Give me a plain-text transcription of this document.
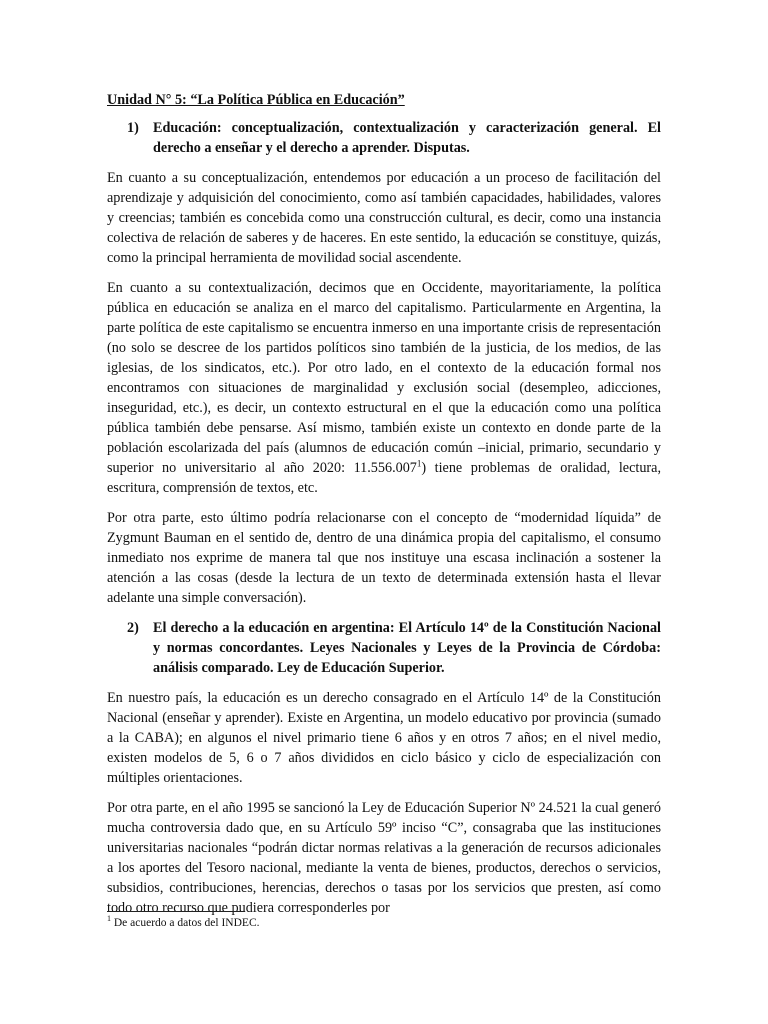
Unidad N° 5: “La Política Pública en Educación”
1) Educación: conceptualización, contextualización y caracterización general. El derecho a enseñar y el derecho a aprender. Disputas.

En cuanto a su conceptualización, entendemos por educación a un proceso de facilitación del aprendizaje y adquisición del conocimiento, como así también capacidades, habilidades, valores y creencias; también es concebida como una construcción cultural, es decir, como una instancia colectiva de relación de saberes y de haceres. En este sentido, la educación se constituye, quizás, como la principal herramienta de movilidad social ascendente.

En cuanto a su contextualización, decimos que en Occidente, mayoritariamente, la política pública en educación se analiza en el marco del capitalismo. Particularmente en Argentina, la parte política de este capitalismo se encuentra inmerso en una importante crisis de representación (no solo se descree de los partidos políticos sino también de la justicia, de los medios, de las iglesias, de los sindicatos, etc.). Por otro lado, en el contexto de la educación formal nos encontramos con situaciones de marginalidad y exclusión social (desempleo, adicciones, inseguridad, etc.), es decir, un contexto estructural en el que la educación como una política pública también debe pensarse. Así mismo, también existe un contexto en donde parte de la población escolarizada del país (alumnos de educación común –inicial, primario, secundario y superior no universitario al año 2020: 11.556.007$^1$) tiene problemas de oralidad, lectura, escritura, comprensión de textos, etc.

Por otra parte, esto último podría relacionarse con el concepto de “modernidad líquida” de Zygmunt Bauman en el sentido de, dentro de una dinámica propia del capitalismo, el consumo inmediato nos exprime de manera tal que nos instituye una escasa inclinación a sostener la atención a las cosas (desde la lectura de un texto de determinada extensión hasta el llevar adelante una simple conversación).

2) El derecho a la educación en argentina: El Artículo 14º de la Constitución Nacional y normas concordantes. Leyes Nacionales y Leyes de la Provincia de Córdoba: análisis comparado. Ley de Educación Superior.

En nuestro país, la educación es un derecho consagrado en el Artículo 14º de la Constitución Nacional (enseñar y aprender). Existe en Argentina, un modelo educativo por provincia (sumado a la CABA); en algunos el nivel primario tiene 6 años y en otros 7 años; en el nivel medio, existen modelos de 5, 6 o 7 años divididos en ciclo básico y ciclo de especialización con múltiples orientaciones.

Por otra parte, en el año 1995 se sancionó la Ley de Educación Superior Nº 24.521 la cual generó mucha controversia dado que, en su Artículo 59º inciso “C”, consagraba que las instituciones universitarias nacionales “podrán dictar normas relativas a la generación de recursos adicionales a los aportes del Tesoro nacional, mediante la venta de bienes, productos, derechos o servicios, subsidios, contribuciones, herencias, derechos o tasas por los servicios que presten, así como todo otro recurso que pudiera corresponderles por

$^1$ De acuerdo a datos del INDEC.
